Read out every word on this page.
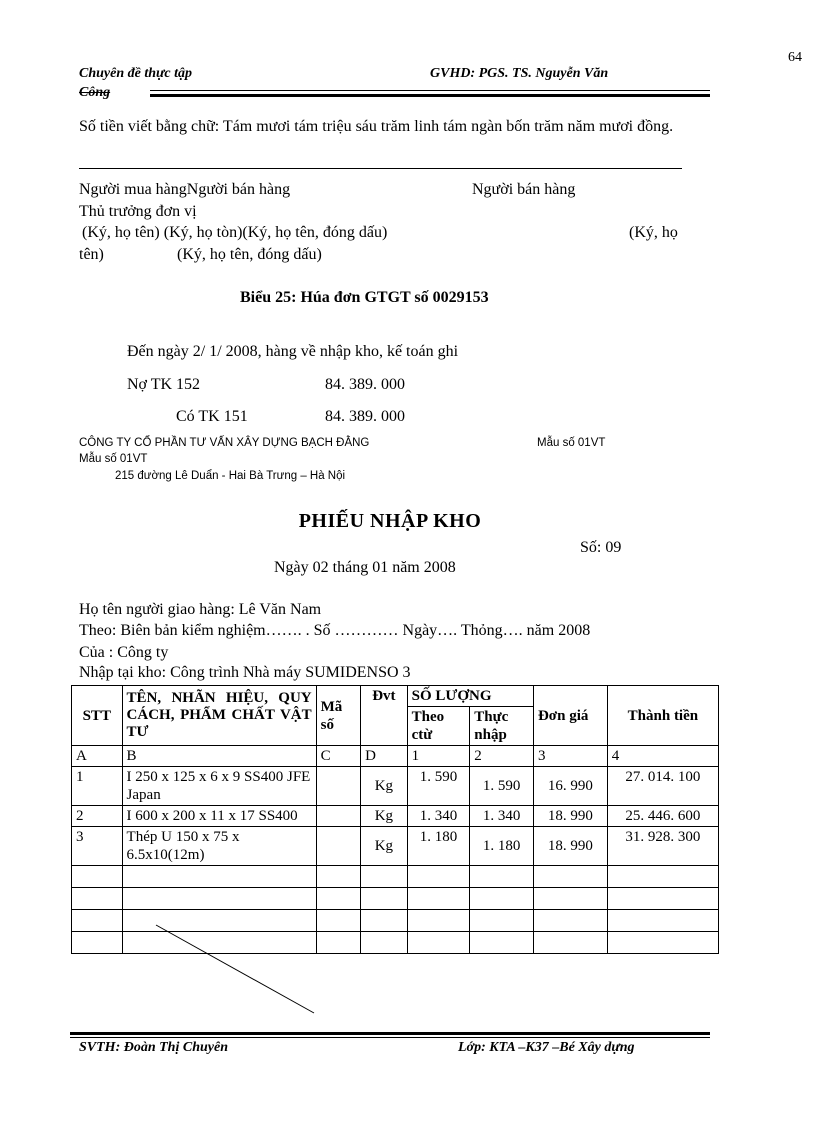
64
Chuyên đề thực tập	GVHD: PGS. TS. Nguyễn Văn
Công
Số tiền viết bằng chữ: Tám mươi tám triệu sáu trăm linh tám ngàn bốn trăm năm mươi đồng.
Người mua hàngNgười bán hàng	Người bán hàng
Thủ trưởng đơn vị
(Ký, họ tên) (Ký, họ tòn)(Ký, họ tên, đóng dấu)	(Ký, họ
tên)	(Ký, họ tên, đóng dấu)
Biểu 25: Húa đơn GTGT số 0029153
Đến ngày 2/ 1/ 2008, hàng về nhập kho, kế toán ghi
Nợ TK 152	84. 389. 000
Có TK 151	84. 389. 000
CÔNG TY CỔ PHẦN TƯ VẤN XÂY DỰNG BẠCH ĐẰNG	Mẫu số 01VT
Mẫu số 01VT
215 đường Lê Duẩn - Hai Bà Trưng – Hà Nội
PHIẾU NHẬP KHO
Số: 09
Ngày 02 tháng 01 năm 2008
Họ tên người giao hàng: Lê Văn Nam
Theo: Biên bản kiểm nghiệm……. . Số ………… Ngày…. Thỏng…. năm 2008
Của : Công ty
Nhập tại kho: Công trình Nhà máy SUMIDENSO 3
STT	TÊN, NHÃN HIỆU, QUY CÁCH, PHẨM CHẤT VẬT TƯ	Mã số	Đvt	SỐ LƯỢNG		Đơn giá	Thành tiền
				Theo ctừ	Thực nhập		
A	B	C	D	1	2	3	4
1	I 250 x 125 x 6 x 9 SS400 JFE Japan		Kg	1. 590	1. 590	16. 990	27. 014. 100
2	I 600 x 200 x 11 x 17 SS400		Kg	1. 340	1. 340	18. 990	25. 446. 600
3	Thép U 150 x 75 x 6.5x10(12m)		Kg	1. 180	1. 180	18. 990	31. 928. 300

SVTH: Đoàn Thị Chuyên	Lớp: KTA –K37 –Bé Xây dựng
